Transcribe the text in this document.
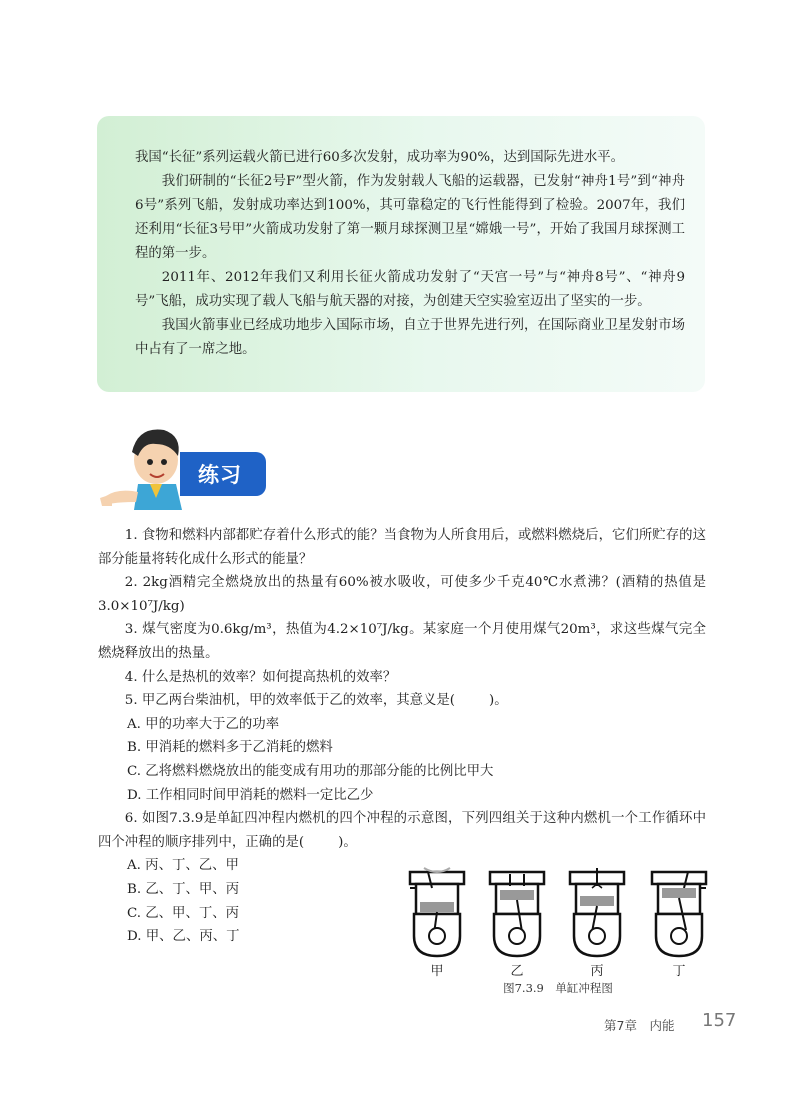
我国“长征”系列运载火箭已进行60多次发射，成功率为90%，达到国际先进水平。

我们研制的“长征2号F”型火箭，作为发射载人飞船的运载器，已发射“神舟1号”到“神舟6号”系列飞船，发射成功率达到100%，其可靠稳定的飞行性能得到了检验。2007年，我们还利用“长征3号甲”火箭成功发射了第一颗月球探测卫星“嫦娥一号”，开始了我国月球探测工程的第一步。

2011年、2012年我们又利用长征火箭成功发射了“天宫一号”与“神舟8号”、“神舟9号”飞船，成功实现了载人飞船与航天器的对接，为创建天空实验室迈出了坚实的一步。

我国火箭事业已经成功地步入国际市场，自立于世界先进行列，在国际商业卫星发射市场中占有了一席之地。

练习

1. 食物和燃料内部都贮存着什么形式的能？当食物为人所食用后，或燃料燃烧后，它们所贮存的这部分能量将转化成什么形式的能量？

2. 2kg酒精完全燃烧放出的热量有60%被水吸收，可使多少千克40℃水煮沸？(酒精的热值是3.0×10⁷J/kg)

3. 煤气密度为0.6kg/m³，热值为4.2×10⁷J/kg。某家庭一个月使用煤气20m³，求这些煤气完全燃烧释放出的热量。

4. 什么是热机的效率？如何提高热机的效率？

5. 甲乙两台柴油机，甲的效率低于乙的效率，其意义是(	)。

A. 甲的功率大于乙的功率

B. 甲消耗的燃料多于乙消耗的燃料

C. 乙将燃料燃烧放出的能变成有用功的那部分能的比例比甲大

D. 工作相同时间甲消耗的燃料一定比乙少

6. 如图7.3.9是单缸四冲程内燃机的四个冲程的示意图，下列四组关于这种内燃机一个工作循环中四个冲程的顺序排列中，正确的是(	)。

A. 丙、丁、乙、甲

B. 乙、丁、甲、丙

C. 乙、甲、丁、丙

D. 甲、乙、丙、丁

甲	乙	丙	丁
图7.3.9　单缸冲程图
第7章　内能 157
